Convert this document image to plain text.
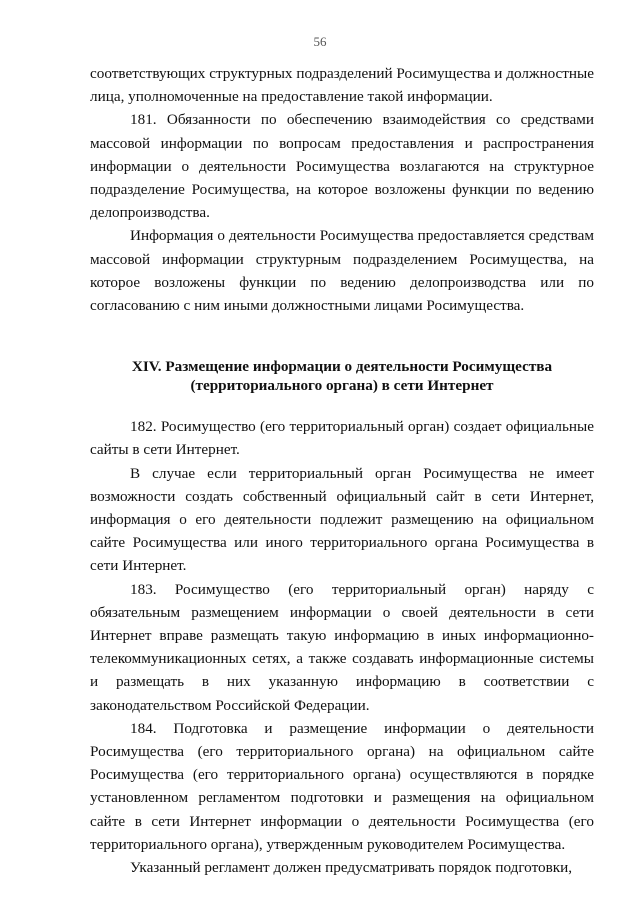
56

соответствующих структурных подразделений Росимущества и должностные лица, уполномоченные на предоставление такой информации.

181. Обязанности по обеспечению взаимодействия со средствами массовой информации по вопросам предоставления и распространения информации о деятельности Росимущества возлагаются на структурное подразделение Росимущества, на которое возложены функции по ведению делопроизводства.

Информация о деятельности Росимущества предоставляется средствам массовой информации структурным подразделением Росимущества, на которое возложены функции по ведению делопроизводства или по согласованию с ним иными должностными лицами Росимущества.

XIV. Размещение информации о деятельности Росимущества
(территориального органа) в сети Интернет

182. Росимущество (его территориальный орган) создает официальные сайты в сети Интернет.

В случае если территориальный орган Росимущества не имеет возможности создать собственный официальный сайт в сети Интернет, информация о его деятельности подлежит размещению на официальном сайте Росимущества или иного территориального органа Росимущества в сети Интернет.

183. Росимущество (его территориальный орган) наряду с обязательным размещением информации о своей деятельности в сети Интернет вправе размещать такую информацию в иных информационно-телекоммуникационных сетях, а также создавать информационные системы и размещать в них указанную информацию в соответствии с законодательством Российской Федерации.

184. Подготовка и размещение информации о деятельности Росимущества (его территориального органа) на официальном сайте Росимущества (его территориального органа) осуществляются в порядке установленном регламентом подготовки и размещения на официальном сайте в сети Интернет информации о деятельности Росимущества (его территориального органа), утвержденным руководителем Росимущества.

Указанный регламент должен предусматривать порядок подготовки,
